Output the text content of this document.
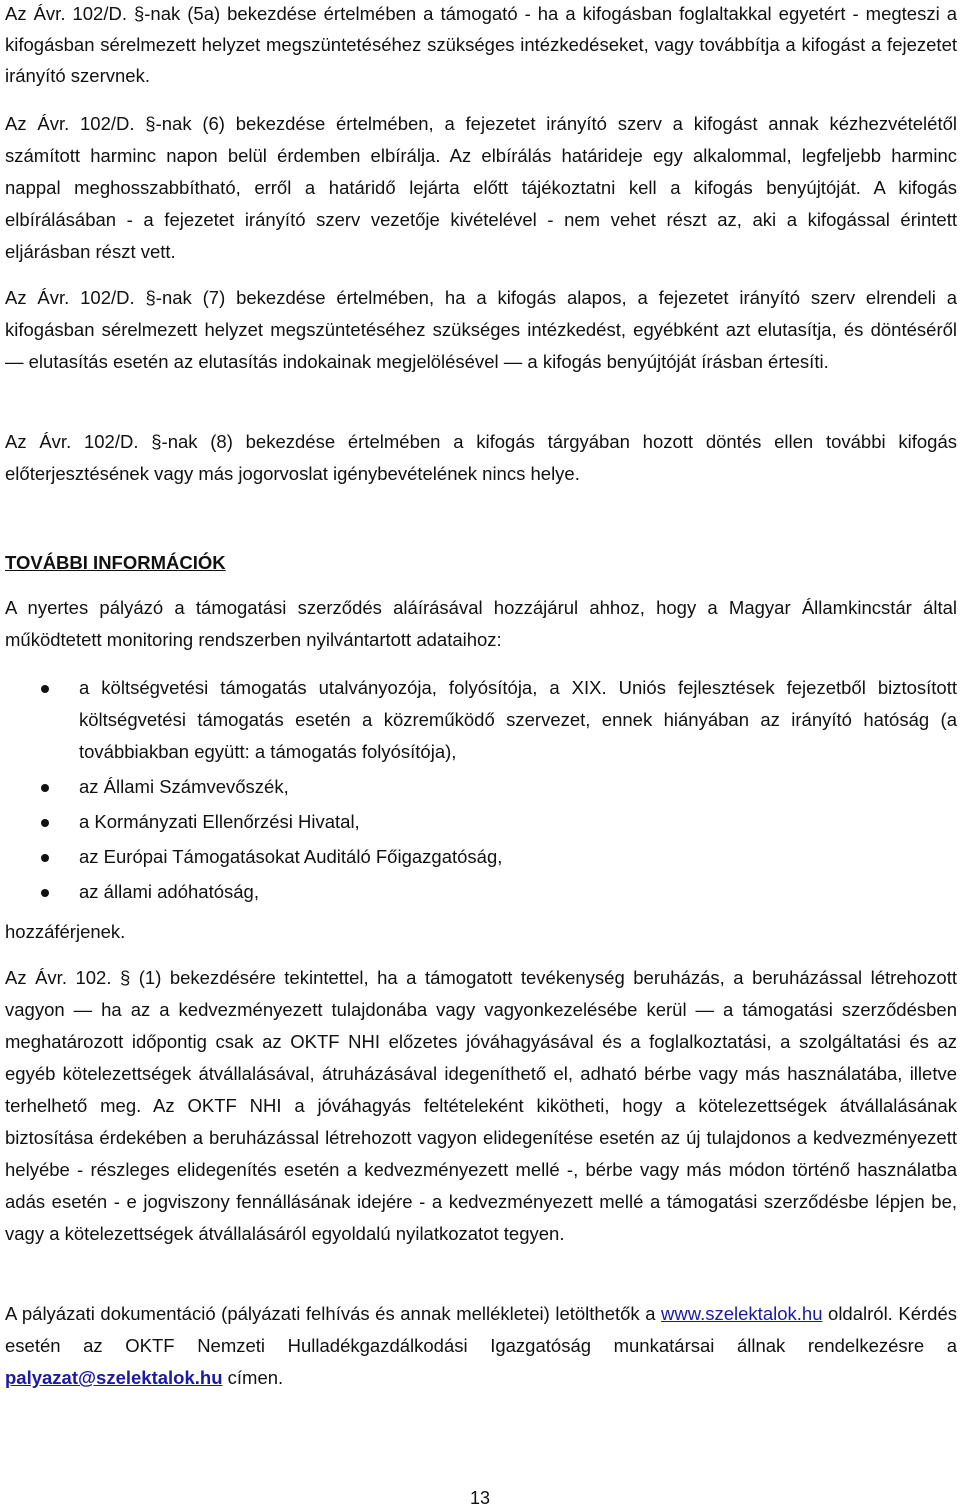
Az Ávr. 102/D. §-nak (5a) bekezdése értelmében a támogató - ha a kifogásban foglaltakkal egyetért - megteszi a kifogásban sérelmezett helyzet megszüntetéséhez szükséges intézkedéseket, vagy továbbítja a kifogást a fejezetet irányító szervnek.

Az Ávr. 102/D. §-nak (6) bekezdése értelmében, a fejezetet irányító szerv a kifogást annak kézhezvételétől számított harminc napon belül érdemben elbírálja. Az elbírálás határideje egy alkalommal, legfeljebb harminc nappal meghosszabbítható, erről a határidő lejárta előtt tájékoztatni kell a kifogás benyújtóját. A kifogás elbírálásában - a fejezetet irányító szerv vezetője kivételével - nem vehet részt az, aki a kifogással érintett eljárásban részt vett.

Az Ávr. 102/D. §-nak (7) bekezdése értelmében, ha a kifogás alapos, a fejezetet irányító szerv elrendeli a kifogásban sérelmezett helyzet megszüntetéséhez szükséges intézkedést, egyébként azt elutasítja, és döntéséről — elutasítás esetén az elutasítás indokainak megjelölésével — a kifogás benyújtóját írásban értesíti.

Az Ávr. 102/D. §-nak (8) bekezdése értelmében a kifogás tárgyában hozott döntés ellen további kifogás előterjesztésének vagy más jogorvoslat igénybevételének nincs helye.

TOVÁBBI INFORMÁCIÓK

A nyertes pályázó a támogatási szerződés aláírásával hozzájárul ahhoz, hogy a Magyar Államkincstár által működtetett monitoring rendszerben nyilvántartott adataihoz:

a költségvetési támogatás utalványozója, folyósítója, a XIX. Uniós fejlesztések fejezetből biztosított költségvetési támogatás esetén a közreműködő szervezet, ennek hiányában az irányító hatóság (a továbbiakban együtt: a támogatás folyósítója),
az Állami Számvevőszék,
a Kormányzati Ellenőrzési Hivatal,
az Európai Támogatásokat Auditáló Főigazgatóság,
az állami adóhatóság,

hozzáférjenek.

Az Ávr. 102. § (1) bekezdésére tekintettel, ha a támogatott tevékenység beruházás, a beruházással létrehozott vagyon — ha az a kedvezményezett tulajdonába vagy vagyonkezelésébe kerül — a támogatási szerződésben meghatározott időpontig csak az OKTF NHI előzetes jóváhagyásával és a foglalkoztatási, a szolgáltatási és az egyéb kötelezettségek átvállalásával, átruházásával idegeníthető el, adható bérbe vagy más használatába, illetve terhelhető meg. Az OKTF NHI a jóváhagyás feltételeként kikötheti, hogy a kötelezettségek átvállalásának biztosítása érdekében a beruházással létrehozott vagyon elidegenítése esetén az új tulajdonos a kedvezményezett helyébe - részleges elidegenítés esetén a kedvezményezett mellé -, bérbe vagy más módon történő használatba adás esetén - e jogviszony fennállásának idejére - a kedvezményezett mellé a támogatási szerződésbe lépjen be, vagy a kötelezettségek átvállalásáról egyoldalú nyilatkozatot tegyen.

A pályázati dokumentáció (pályázati felhívás és annak mellékletei) letölthetők a www.szelektalok.hu oldalról. Kérdés esetén az OKTF Nemzeti Hulladékgazdálkodási Igazgatóság munkatársai állnak rendelkezésre a palyazat@szelektalok.hu címen.

13
